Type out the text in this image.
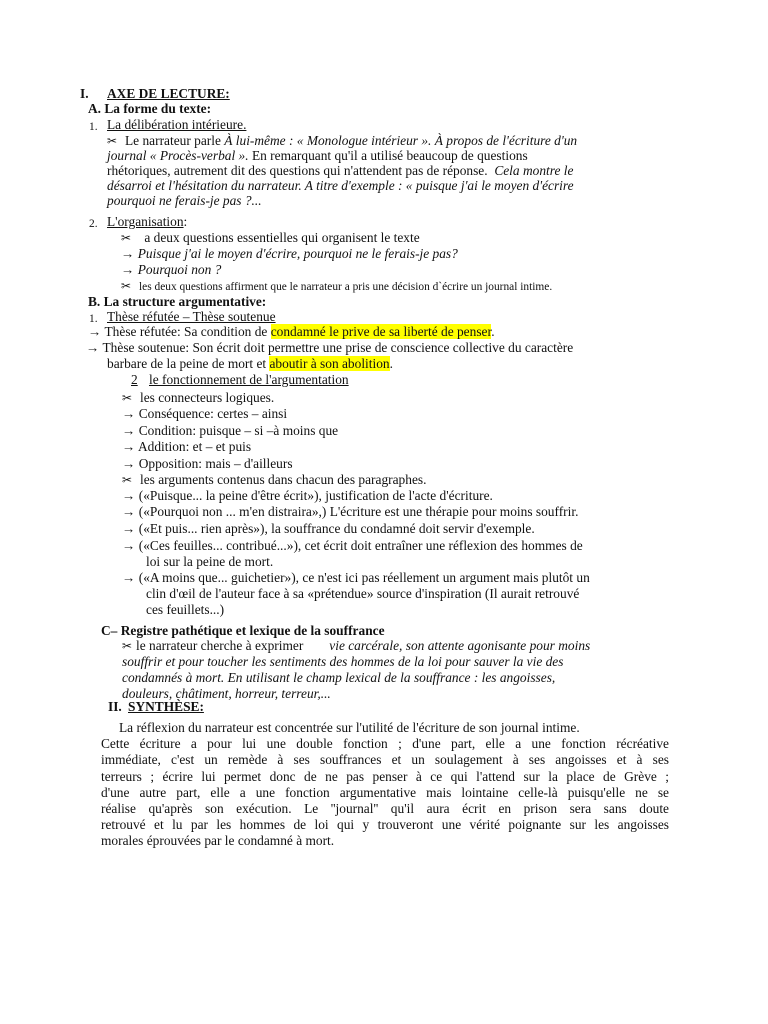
I. AXE DE LECTURE:
A. La forme du texte:
1. La délibération intérieure.
✂ Le narrateur parle À lui-même : « Monologue intérieur ». À propos de l'écriture d'un
journal « Procès-verbal ». En remarquant qu'il a utilisé beaucoup de questions
rhétoriques, autrement dit des questions qui n'attendent pas de réponse. Cela montre le
désarroi et l'hésitation du narrateur. A titre d'exemple : « puisque j'ai le moyen d'écrire
pourquoi ne ferais-je pas ?...
2. L'organisation:
✂ a deux questions essentielles qui organisent le texte
→ Puisque j'ai le moyen d'écrire, pourquoi ne le ferais-je pas?
→ Pourquoi non ?
✂ les deux questions affirment que le narrateur a pris une décision d`écrire un journal intime.
B. La structure argumentative:
1. Thèse réfutée – Thèse soutenue
→ Thèse réfutée: Sa condition de condamné le prive de sa liberté de penser.
→ Thèse soutenue: Son écrit doit permettre une prise de conscience collective du caractère
barbare de la peine de mort et aboutir à son abolition.
2 le fonctionnement de l'argumentation
✂ les connecteurs logiques.
→ Conséquence: certes – ainsi
→ Condition: puisque – si –à moins que
→ Addition: et – et puis
→ Opposition: mais – d'ailleurs
✂ les arguments contenus dans chacun des paragraphes.
→ («Puisque... la peine d'être écrit»), justification de l'acte d'écriture.
→ («Pourquoi non ... m'en distraira»,) L'écriture est une thérapie pour moins souffrir.
→ («Et puis... rien après»), la souffrance du condamné doit servir d'exemple.
→ («Ces feuilles... contribué...»), cet écrit doit entraîner une réflexion des hommes de
loi sur la peine de mort.
→ («A moins que... guichetier»), ce n'est ici pas réellement un argument mais plutôt un
clin d'œil de l'auteur face à sa «prétendue» source d'inspiration (Il aurait retrouvé
ces feuillets...)
C– Registre pathétique et lexique de la souffrance
✂ le narrateur cherche à exprimer vie carcérale, son attente agonisante pour moins
souffrir et pour toucher les sentiments des hommes de la loi pour sauver la vie des
condamnés à mort. En utilisant le champ lexical de la souffrance : les angoisses,
douleurs, châtiment, horreur, terreur,...
II. SYNTHÈSE:
La réflexion du narrateur est concentrée sur l'utilité de l'écriture de son journal intime.
Cette écriture a pour lui une double fonction ; d'une part, elle a une fonction récréative
immédiate, c'est un remède à ses souffrances et un soulagement à ses angoisses et à ses
terreurs ; écrire lui permet donc de ne pas penser à ce qui l'attend sur la place de Grève ;
d'une autre part, elle a une fonction argumentative mais lointaine celle-là puisqu'elle ne se
réalise qu'après son exécution. Le ''journal'' qu'il aura écrit en prison sera sans doute
retrouvé et lu par les hommes de loi qui y trouveront une vérité poignante sur les angoisses
morales éprouvées par le condamné à mort.
